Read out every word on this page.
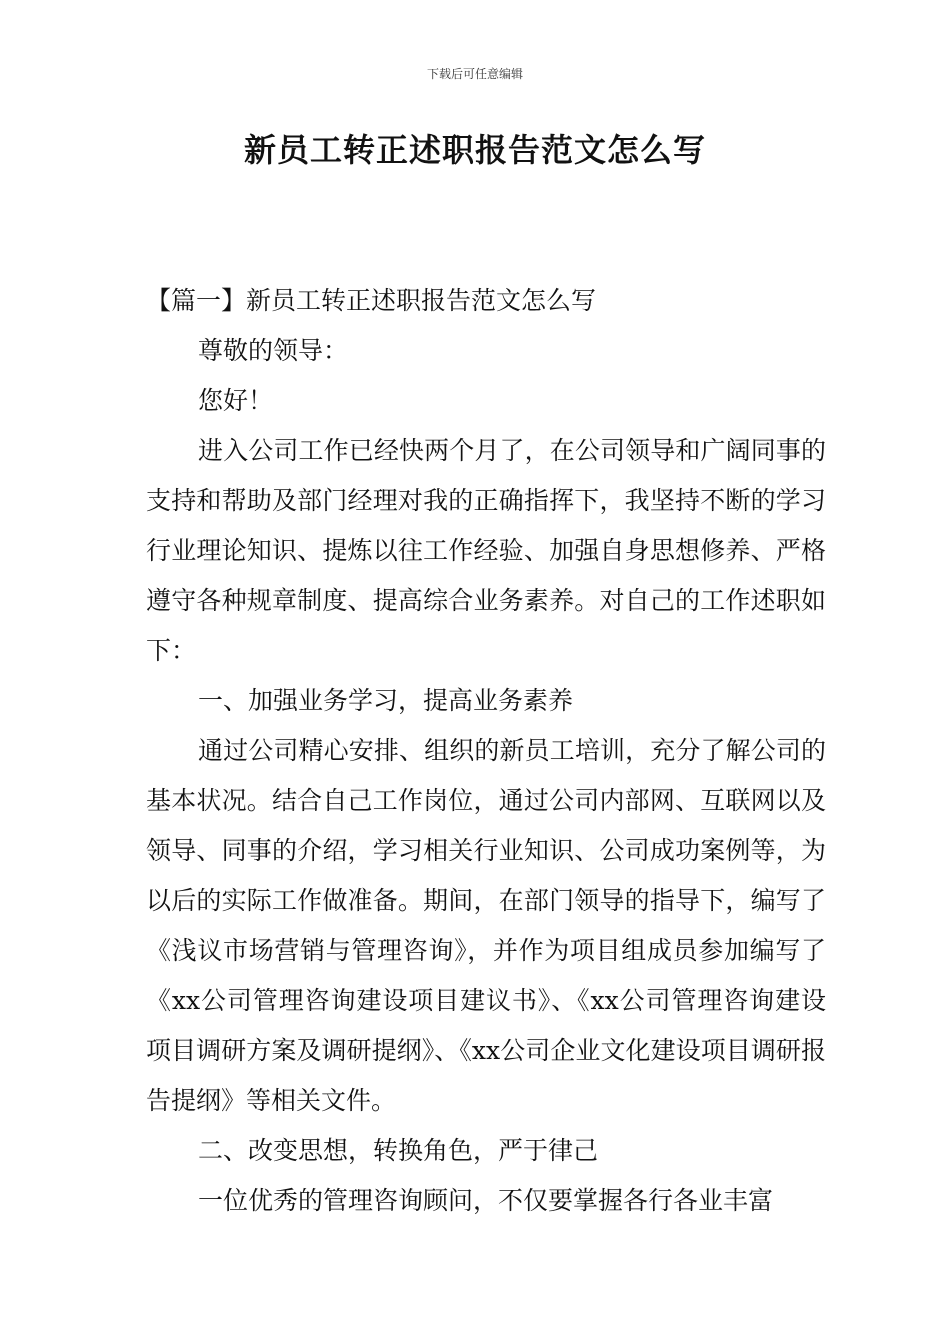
下载后可任意编辑
新员工转正述职报告范文怎么写

【篇一】新员工转正述职报告范文怎么写

尊敬的领导：

您好！

进入公司工作已经快两个月了，在公司领导和广阔同事的支持和帮助及部门经理对我的正确指挥下，我坚持不断的学习行业理论知识、提炼以往工作经验、加强自身思想修养、严格遵守各种规章制度、提高综合业务素养。对自己的工作述职如下：

一、加强业务学习，提高业务素养

通过公司精心安排、组织的新员工培训，充分了解公司的基本状况。结合自己工作岗位，通过公司内部网、互联网以及领导、同事的介绍，学习相关行业知识、公司成功案例等，为以后的实际工作做准备。期间，在部门领导的指导下，编写了《浅议市场营销与管理咨询》，并作为项目组成员参加编写了《xx公司管理咨询建设项目建议书》、《xx公司管理咨询建设项目调研方案及调研提纲》、《xx公司企业文化建设项目调研报告提纲》等相关文件。

二、改变思想，转换角色，严于律己

一位优秀的管理咨询顾问，不仅要掌握各行各业丰富
